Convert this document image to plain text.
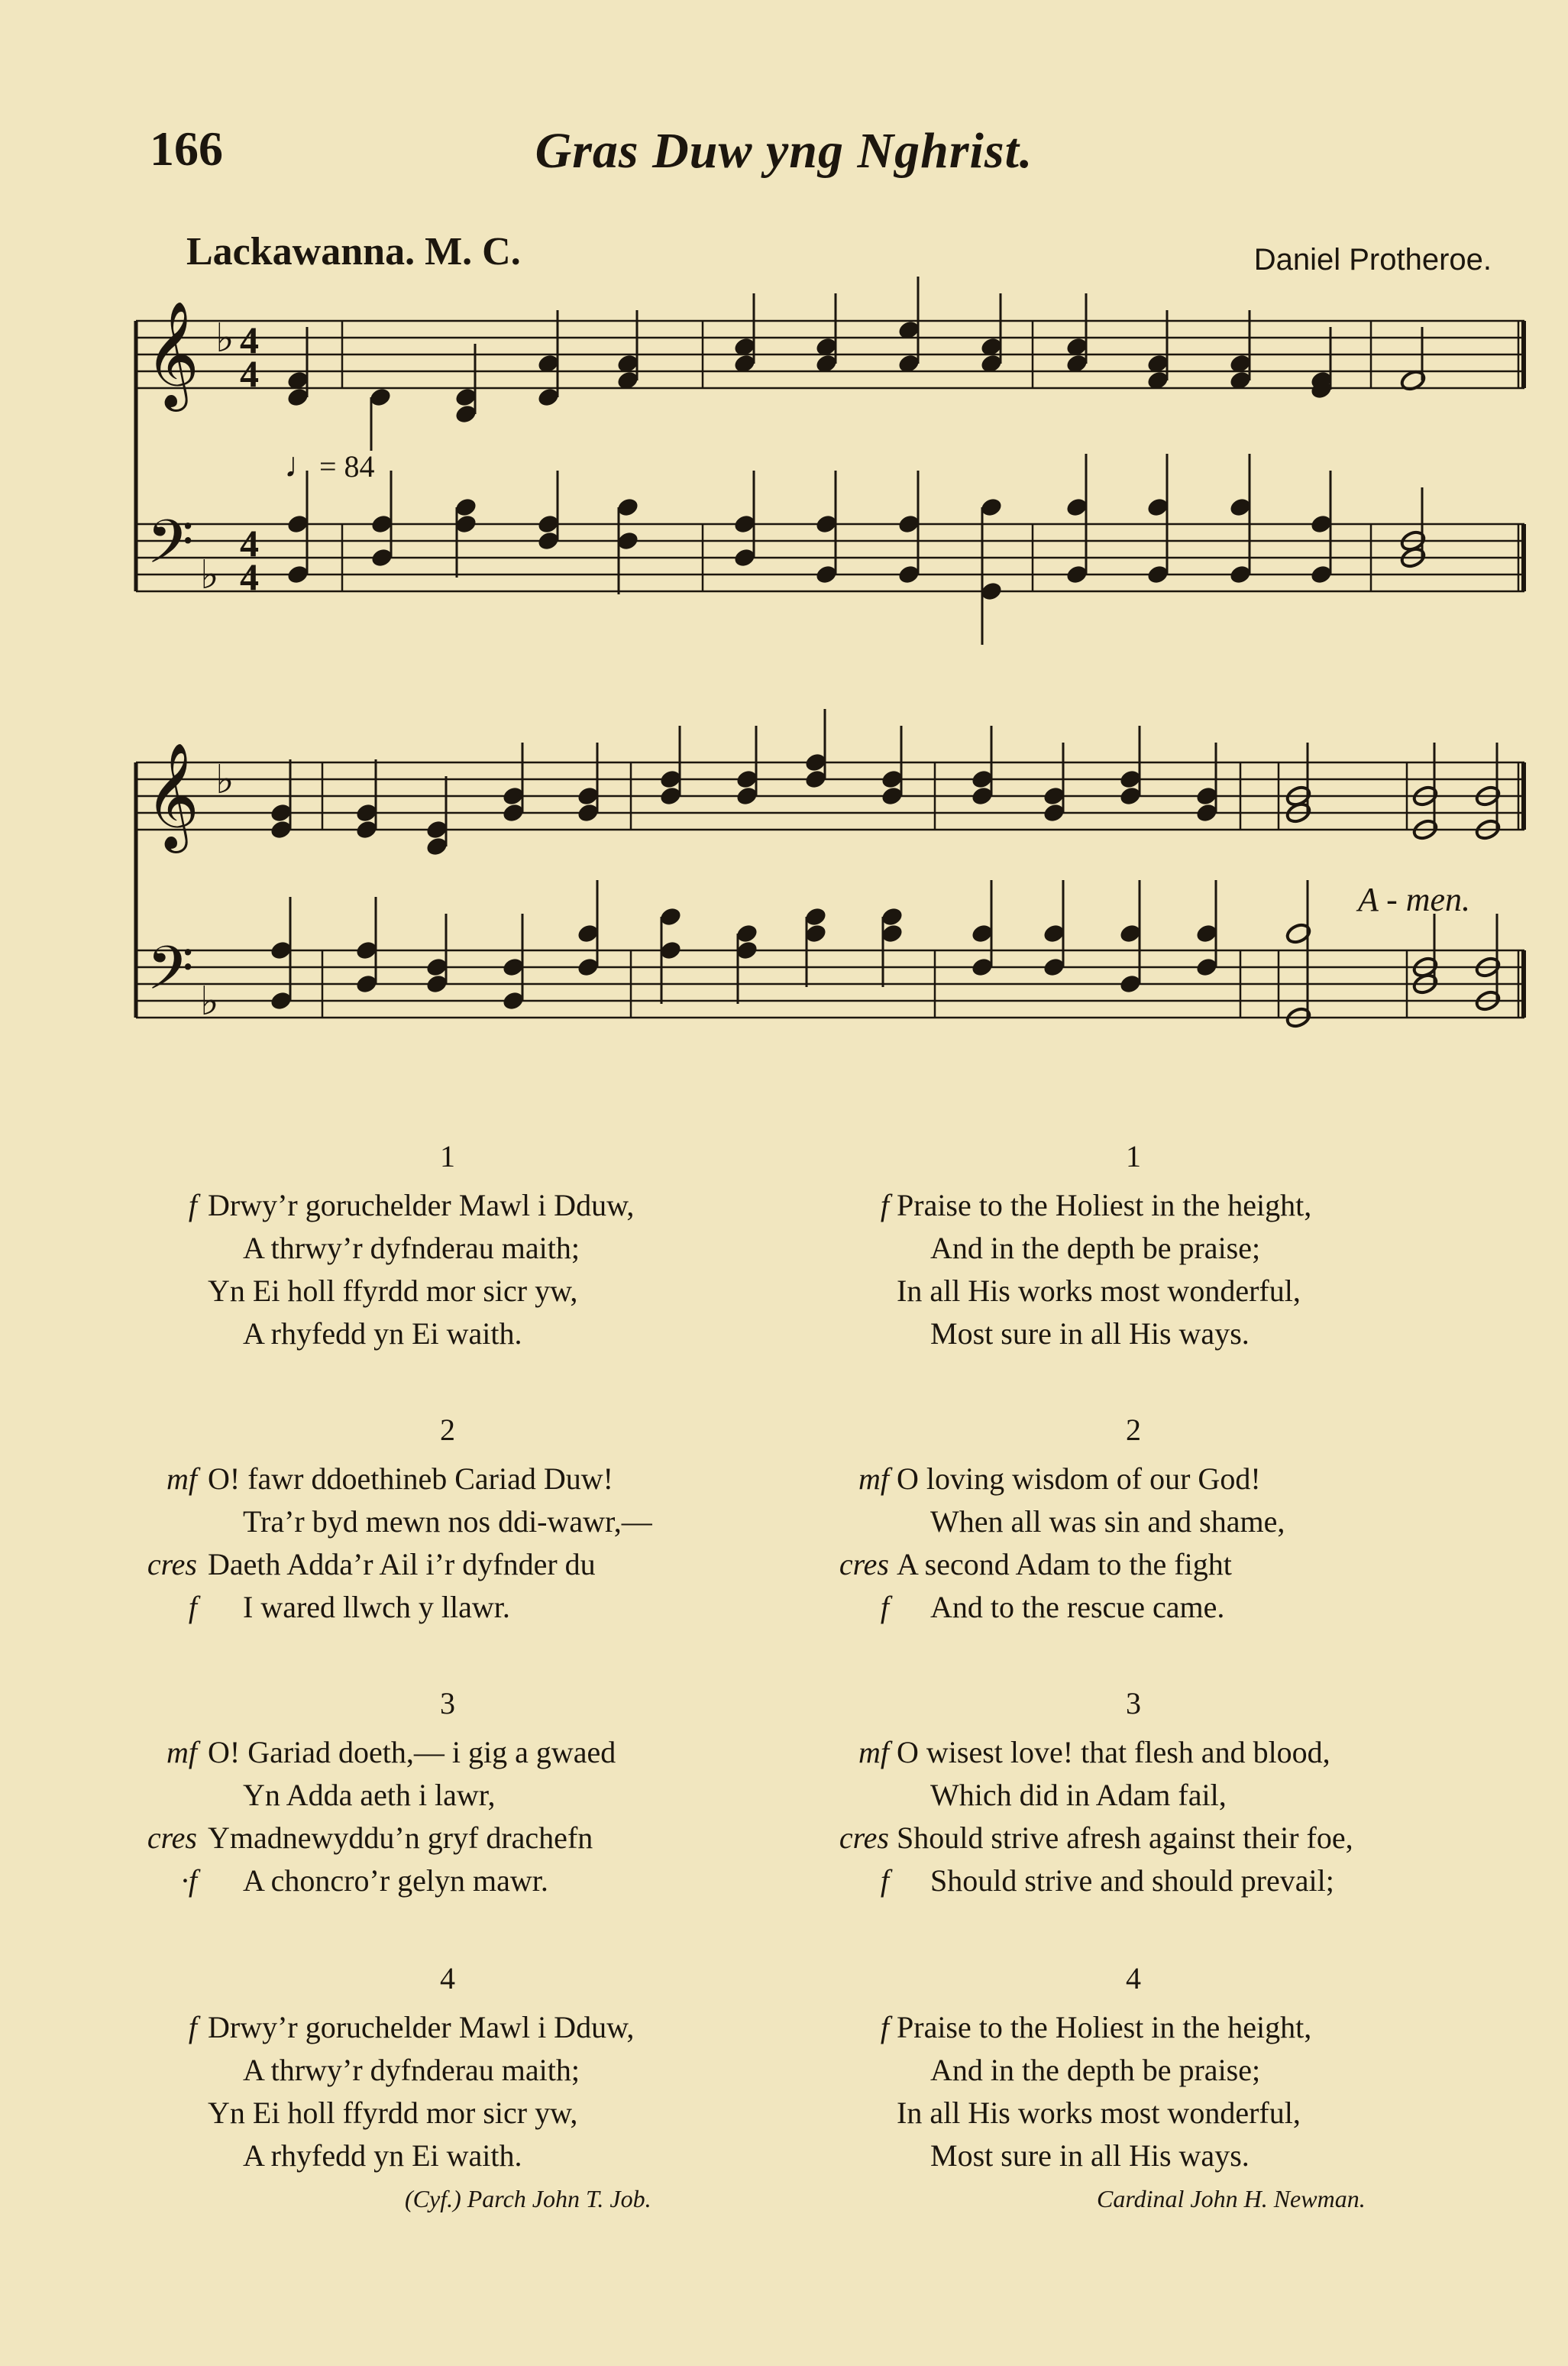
166	Gras Duw yng Nghrist.
Lackawanna. M. C.	Daniel Protheroe.
♩= 84
A - men.
𝄞
𝄢
♭
♭
4
4
4
4
𝄞
𝄢
♭
♭
1
Drwy’r goruchelder Mawl i Dduw,
f
A thrwy’r dyfnderau maith;
Yn Ei holl ffyrdd mor sicr yw,
A rhyfedd yn Ei waith.
2
O! fawr ddoethineb Cariad Duw!
mf
Tra’r byd mewn nos ddi-wawr,—
Daeth Adda’r Ail i’r dyfnder du
cres
I wared llwch y llawr.
f
3
O! Gariad doeth,— i gig a gwaed
mf
Yn Adda aeth i lawr,
Ymadnewyddu’n gryf drachefn
cres
A choncro’r gelyn mawr.
·f
4
Drwy’r goruchelder Mawl i Dduw,
f
A thrwy’r dyfnderau maith;
Yn Ei holl ffyrdd mor sicr yw,
A rhyfedd yn Ei waith.
1
Praise to the Holiest in the height,
f
And in the depth be praise;
In all His works most wonderful,
Most sure in all His ways.
2
O loving wisdom of our God!
mf
When all was sin and shame,
A second Adam to the fight
cres
And to the rescue came.
f
3
O wisest love! that flesh and blood,
mf
Which did in Adam fail,
Should strive afresh against their foe,
cres
Should strive and should prevail;
f
4
Praise to the Holiest in the height,
f
And in the depth be praise;
In all His works most wonderful,
Most sure in all His ways.
(Cyf.) Parch John T. Job.	Cardinal John H. Newman.
